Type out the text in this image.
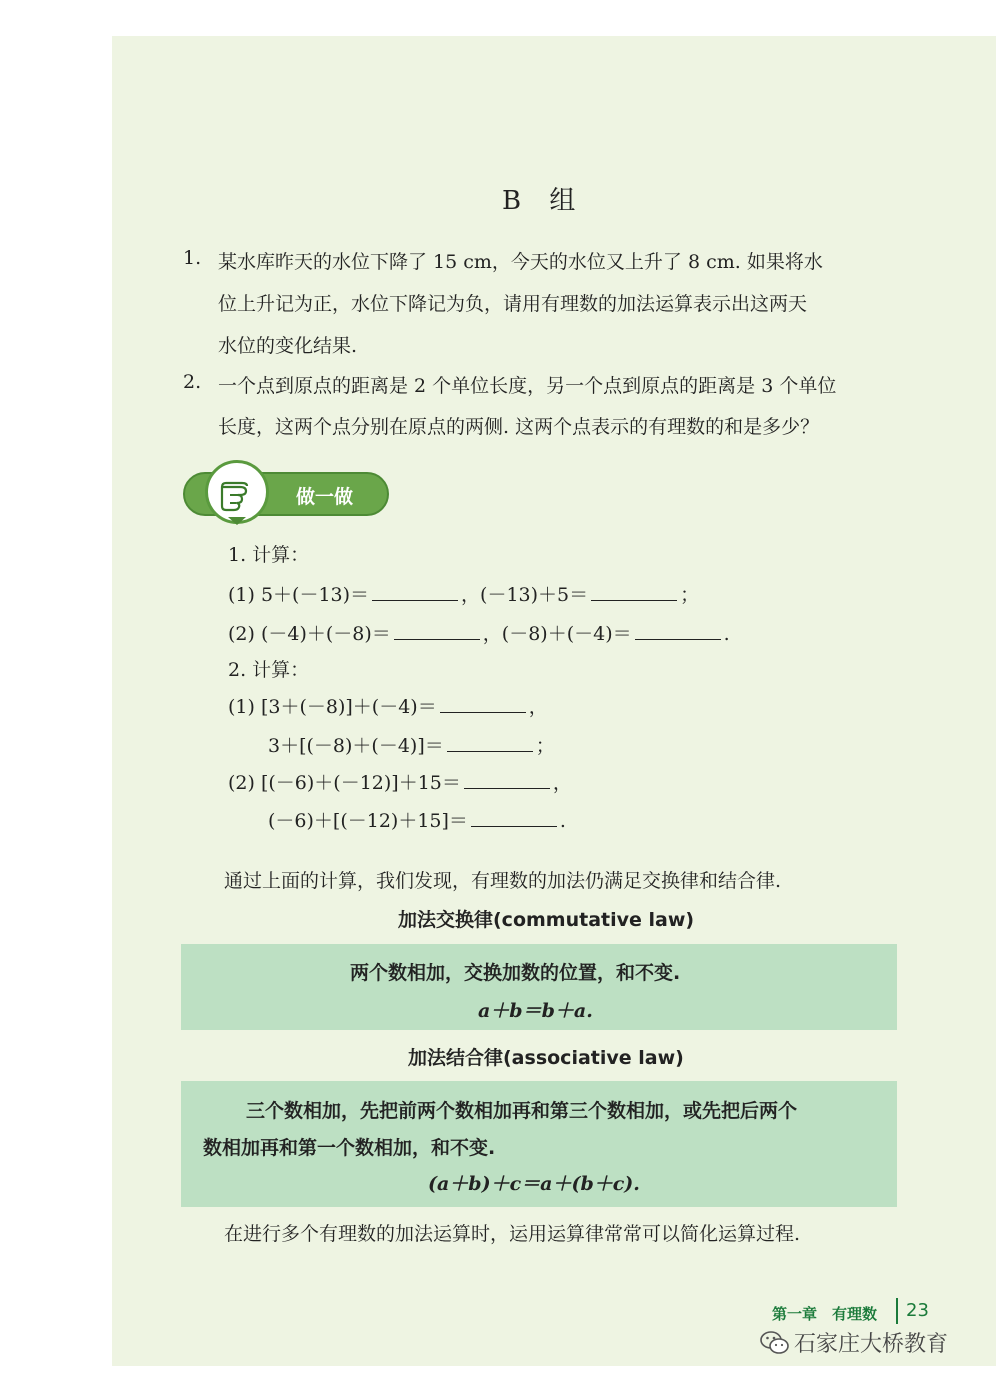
B 组
1. 某水库昨天的水位下降了 15 cm，今天的水位又上升了 8 cm. 如果将水
位上升记为正，水位下降记为负，请用有理数的加法运算表示出这两天
水位的变化结果.
2. 一个点到原点的距离是 2 个单位长度，另一个点到原点的距离是 3 个单位
长度，这两个点分别在原点的两侧. 这两个点表示的有理数的和是多少？
做一做
1. 计算：
(1) 5＋(－13)＝	，(－13)＋5＝	；
(2) (－4)＋(－8)＝	，(－8)＋(－4)＝	.
2. 计算：
(1) [3＋(－8)]＋(－4)＝	，
3＋[(－8)＋(－4)]＝	；
(2) [(－6)＋(－12)]＋15＝	，
(－6)＋[(－12)＋15]＝	.
通过上面的计算，我们发现，有理数的加法仍满足交换律和结合律.
加法交换律(commutative law)
两个数相加，交换加数的位置，和不变.
a＋b＝b＋a.
加法结合律(associative law)
三个数相加，先把前两个数相加再和第三个数相加，或先把后两个
数相加再和第一个数相加，和不变.
(a＋b)＋c＝a＋(b＋c).
在进行多个有理数的加法运算时，运用运算律常常可以简化运算过程.
第一章　有理数 23
石家庄大桥教育
